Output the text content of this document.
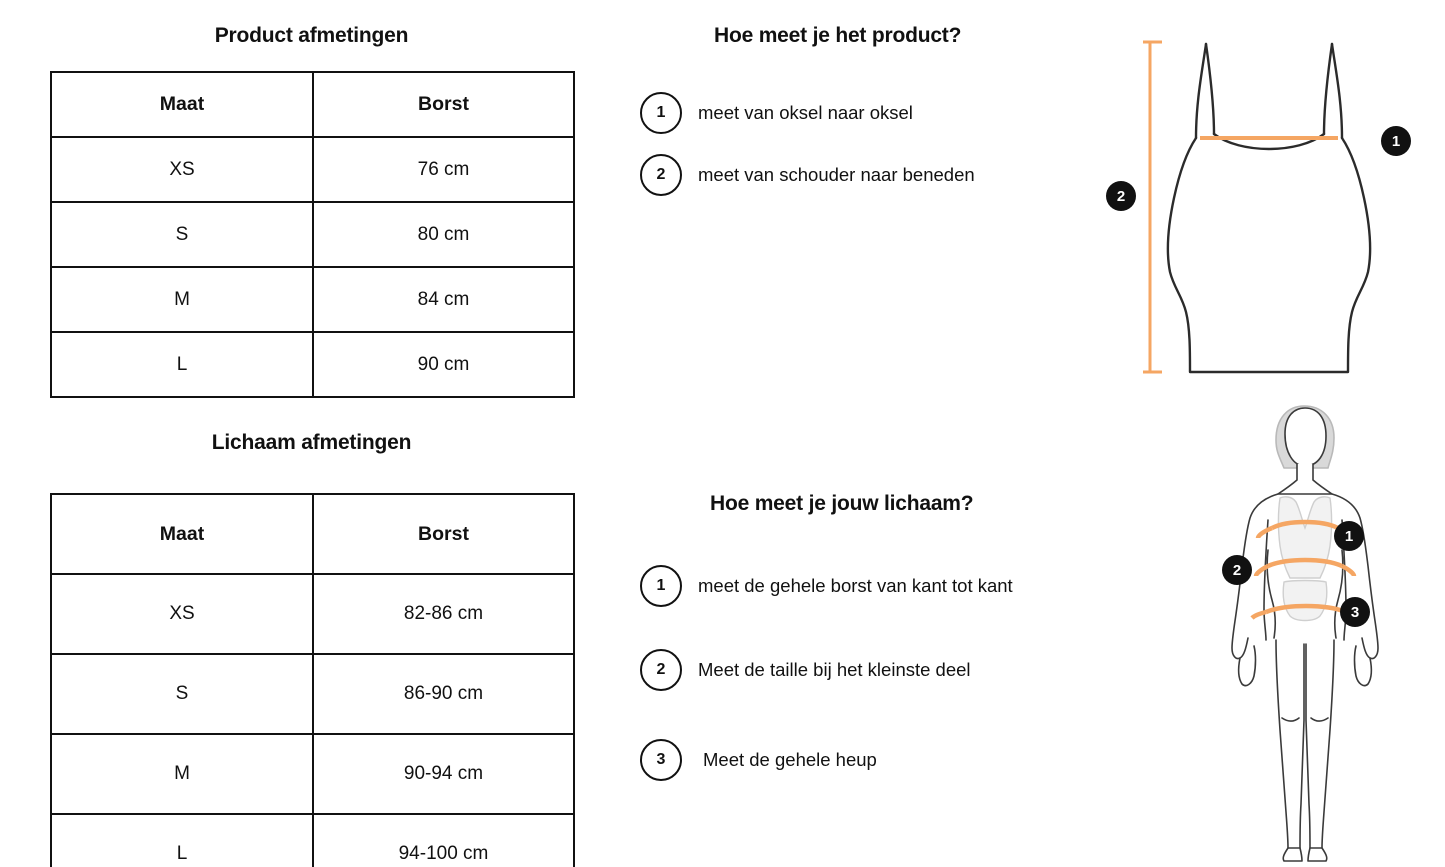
Product afmetingen
Maat	Borst
XS	76 cm
S	80 cm
M	84 cm
L	90 cm
Lichaam afmetingen
Maat	Borst
XS	82-86 cm
S	86-90 cm
M	90-94 cm
L	94-100 cm
Hoe meet je het product?
1	meet van oksel naar oksel
2	meet van schouder naar beneden
Hoe meet je jouw lichaam?
1	meet de gehele borst van kant tot kant
2	Meet de taille bij het kleinste deel
3	Meet de gehele heup
1
2
1
2
3
